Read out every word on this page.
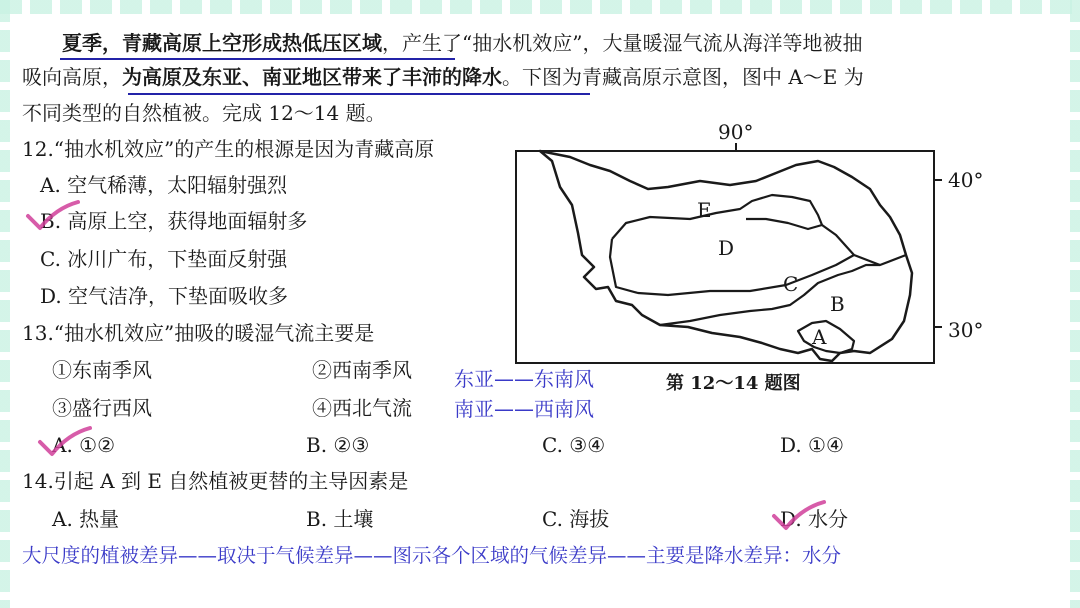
夏季，青藏高原上空形成热低压区域，产生了“抽水机效应”，大量暖湿气流从海洋等地被抽
吸向高原，为高原及东亚、南亚地区带来了丰沛的降水。下图为青藏高原示意图，图中 A～E 为
不同类型的自然植被。完成 12～14 题。
12.“抽水机效应”的产生的根源是因为青藏高原
A. 空气稀薄，太阳辐射强烈
B. 高原上空，获得地面辐射多
C. 冰川广布，下垫面反射强
D. 空气洁净，下垫面吸收多
13.“抽水机效应”抽吸的暖湿气流主要是
①东南季风	②西南季风
③盛行西风	④西北气流
A. ①②	B. ②③	C. ③④	D. ①④
东亚——东南风
南亚——西南风
14.引起 A 到 E 自然植被更替的主导因素是
A. 热量	B. 土壤	C. 海拔	D. 水分
大尺度的植被差异——取决于气候差异——图示各个区域的气候差异——主要是降水差异：水分
90°
40°
30°
E
D
C
B
A
第 12～14 题图
